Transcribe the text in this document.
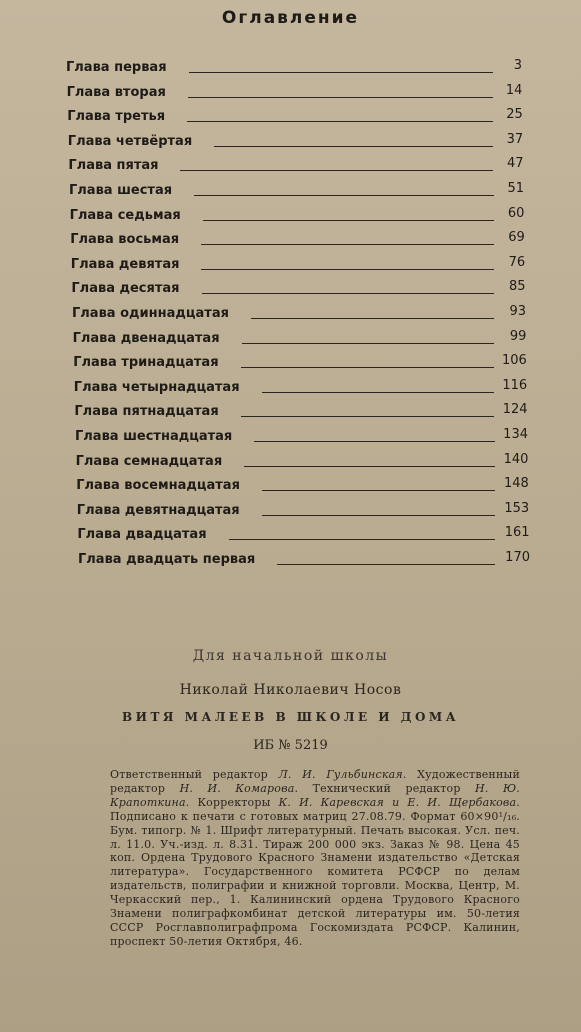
Оглавление
Глава первая	3
Глава вторая	14
Глава третья	25
Глава четвёртая	37
Глава пятая	47
Глава шестая	51
Глава седьмая	60
Глава восьмая	69
Глава девятая	76
Глава десятая	85
Глава одиннадцатая	93
Глава двенадцатая	99
Глава тринадцатая	106
Глава четырнадцатая	116
Глава пятнадцатая	124
Глава шестнадцатая	134
Глава семнадцатая	140
Глава восемнадцатая	148
Глава девятнадцатая	153
Глава двадцатая	161
Глава двадцать первая	170
Для начальной школы
Николай Николаевич Носов
ВИТЯ МАЛЕЕВ В ШКОЛЕ И ДОМА
ИБ № 5219
Ответственный редактор Л. И. Гульбинская. Художественный редактор Н. И. Комарова. Технический редактор Н. Ю. Крапоткина. Корректоры К. И. Каревская и Е. И. Щербакова. Подписано к печати с готовых матриц 27.08.79. Формат 60×90¹/₁₆. Бум. типогр. № 1. Шрифт литературный. Печать высокая. Усл. печ. л. 11.0. Уч.-изд. л. 8.31. Тираж 200 000 экз. Заказ № 98. Цена 45 коп. Ордена Трудового Красного Знамени издательство «Детская литература». Государственного комитета РСФСР по делам издательств, полиграфии и книжной торговли. Москва, Центр, М. Черкасский пер., 1. Калининский ордена Трудового Красного Знамени полиграфкомбинат детской литературы им. 50-летия СССР Росглавполиграфпрома Госкомиздата РСФСР. Калинин, проспект 50-летия Октября, 46.
